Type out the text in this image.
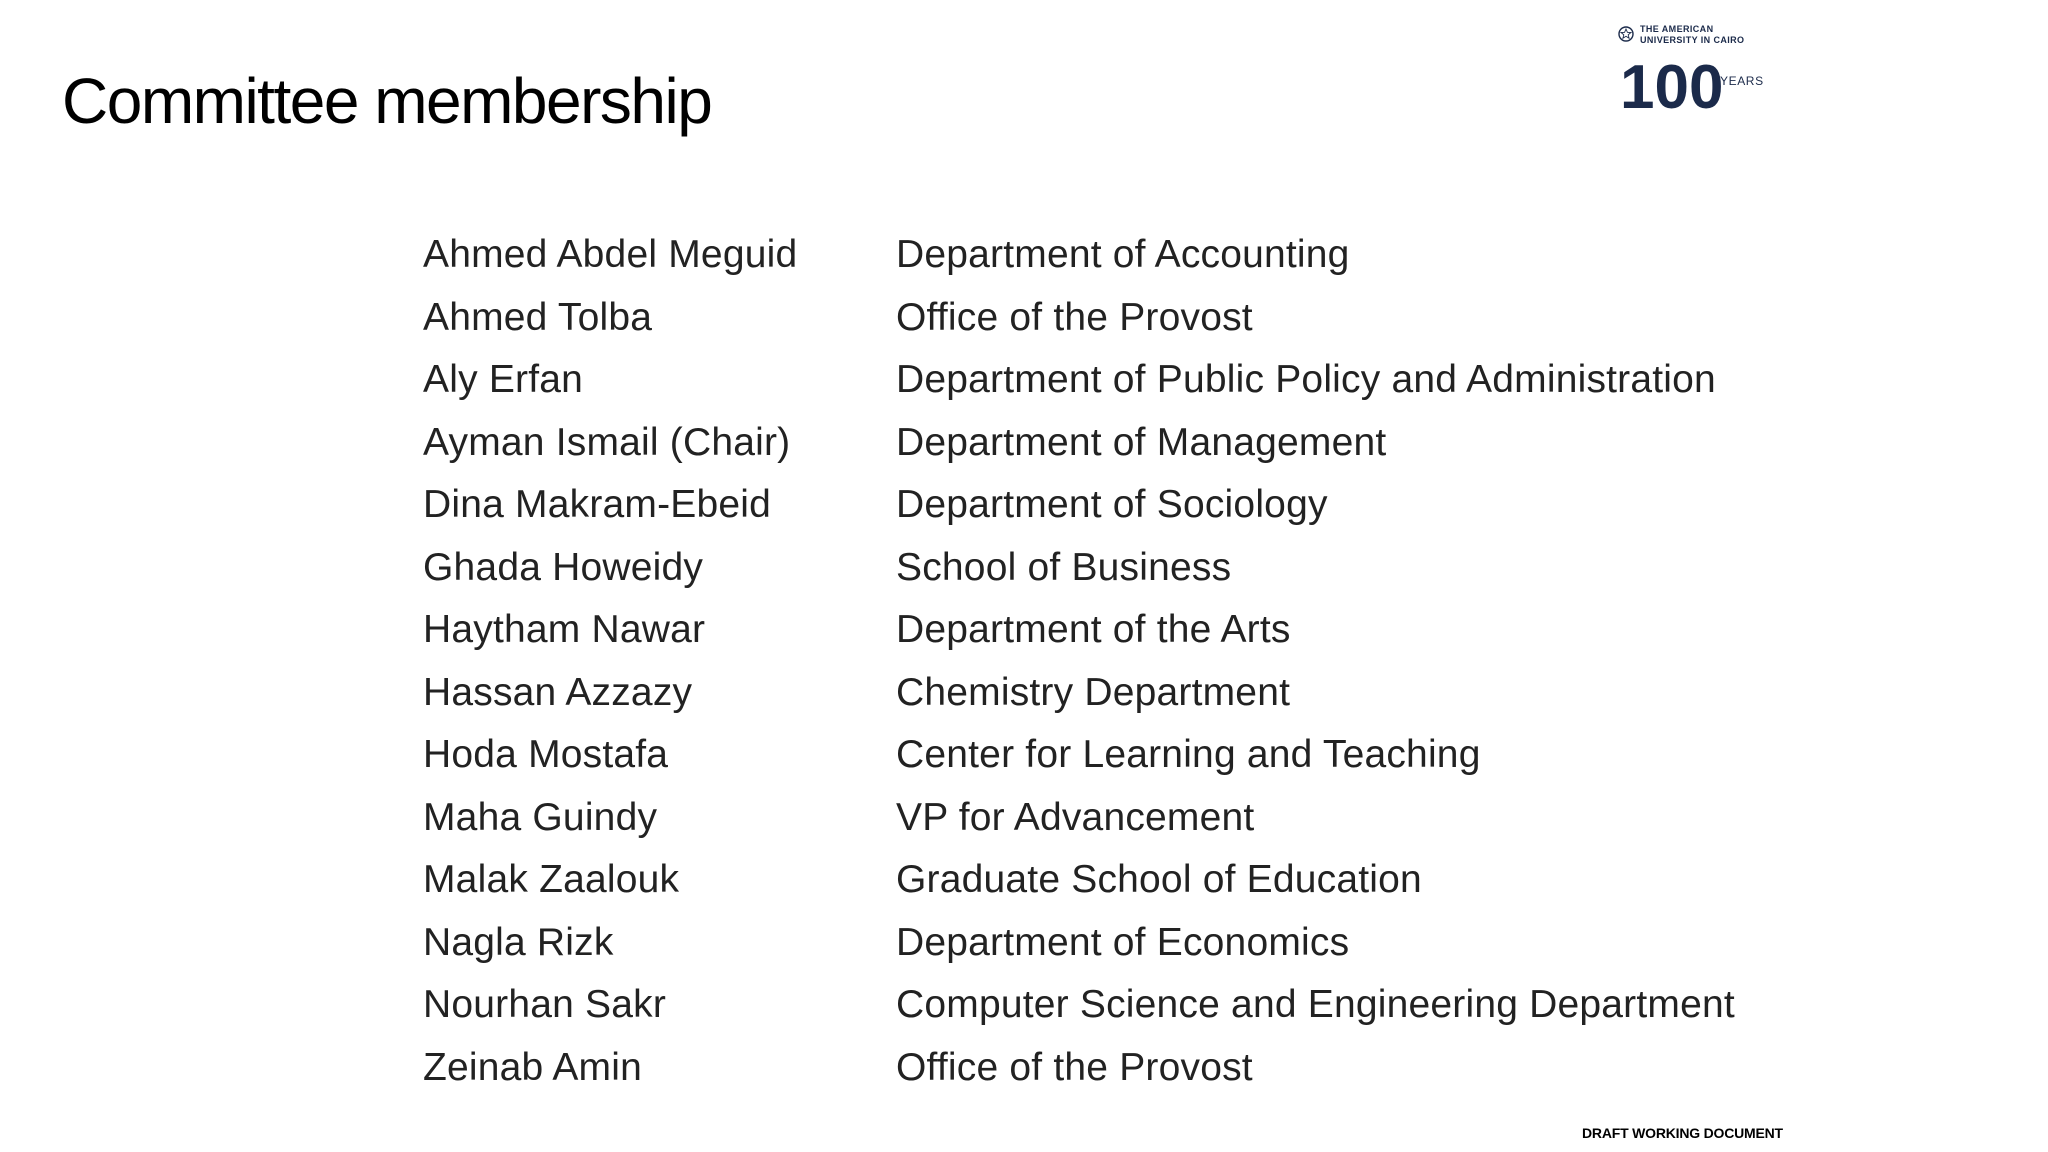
Committee membership
THE AMERICAN
UNIVERSITY IN CAIRO
100
YEARS
Ahmed Abdel Meguid	Department of Accounting
Ahmed Tolba	Office of the Provost
Aly Erfan	Department of Public Policy and Administration
Ayman Ismail (Chair)	Department of Management
Dina Makram-Ebeid	Department of Sociology
Ghada Howeidy	School of Business
Haytham Nawar	Department of the Arts
Hassan Azzazy	Chemistry Department
Hoda Mostafa	Center for Learning and Teaching
Maha Guindy	VP for Advancement
Malak Zaalouk	Graduate School of Education
Nagla Rizk	Department of Economics
Nourhan Sakr	Computer Science and Engineering Department
Zeinab Amin	Office of the Provost
DRAFT WORKING DOCUMENT
